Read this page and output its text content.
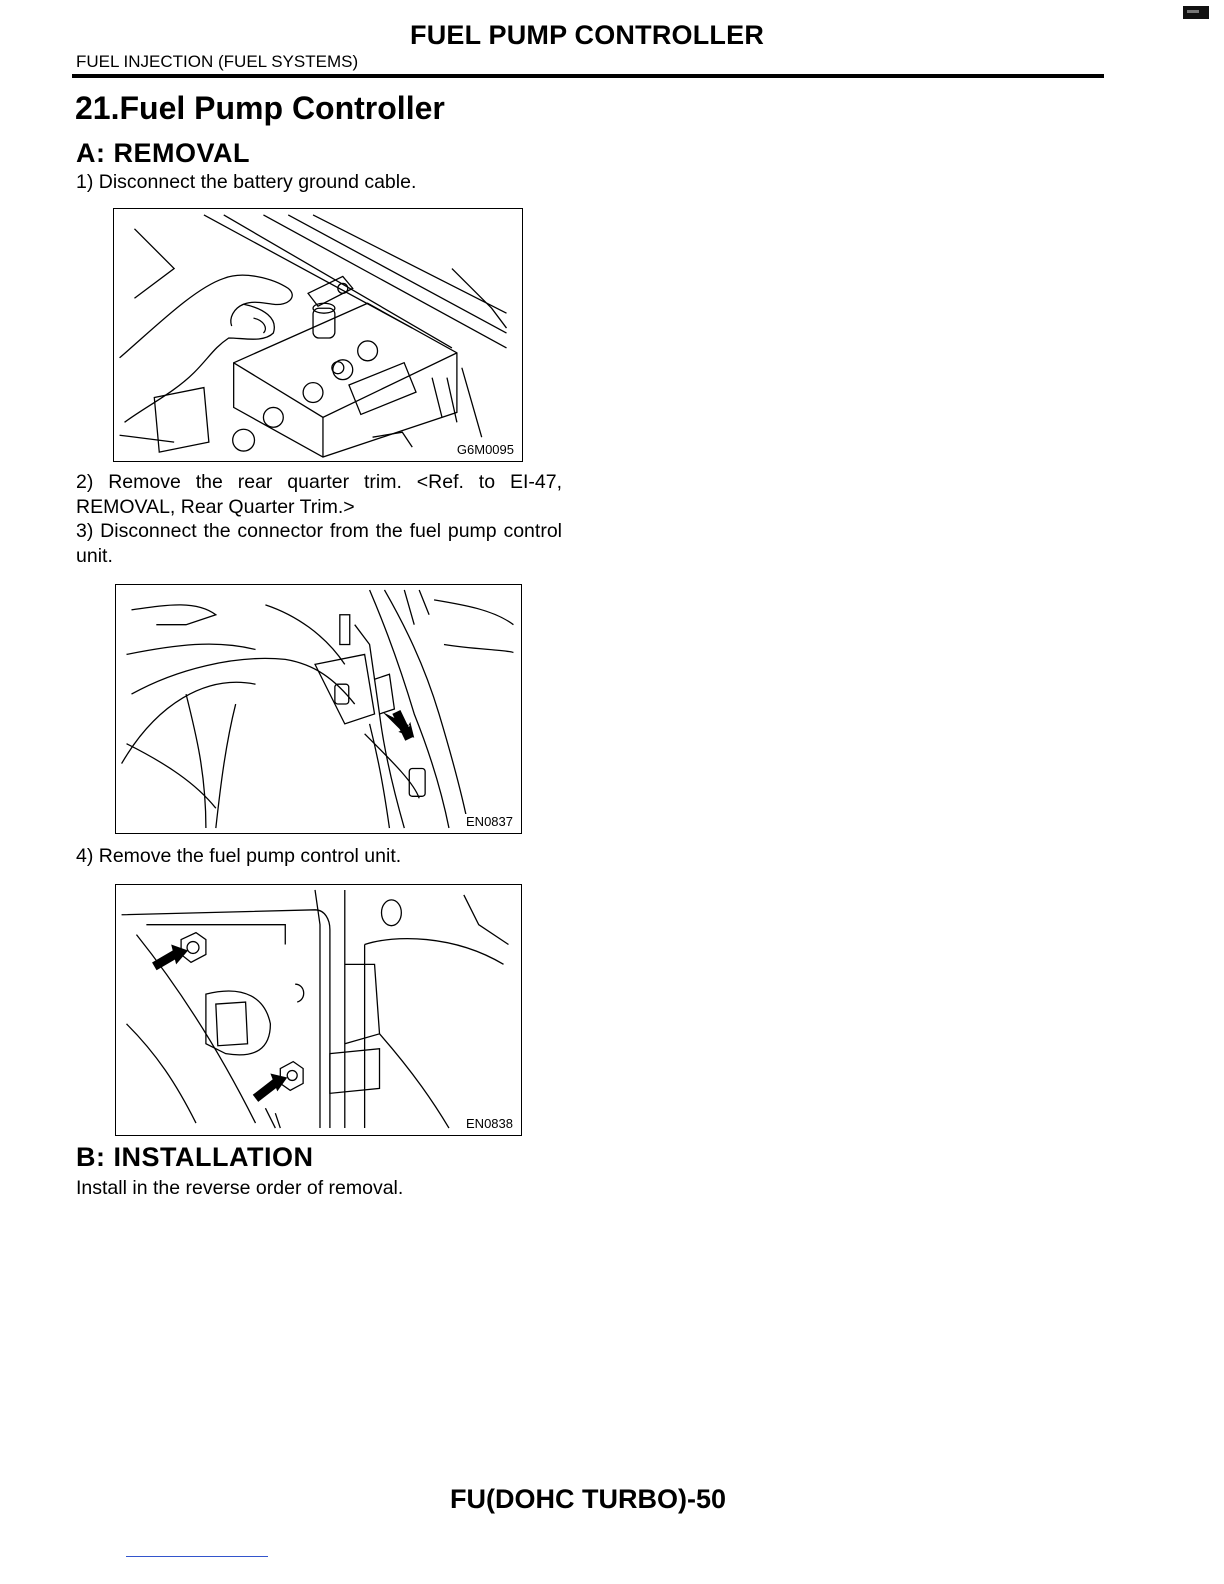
FUEL PUMP CONTROLLER
FUEL INJECTION (FUEL SYSTEMS)
21.Fuel Pump Controller
A: REMOVAL
1) Disconnect the battery ground cable.
G6M0095
2) Remove the rear quarter trim. <Ref. to EI-47, REMOVAL, Rear Quarter Trim.>
3) Disconnect the connector from the fuel pump control unit.
EN0837
4) Remove the fuel pump control unit.
EN0838
B: INSTALLATION
Install in the reverse order of removal.
FU(DOHC TURBO)-50
